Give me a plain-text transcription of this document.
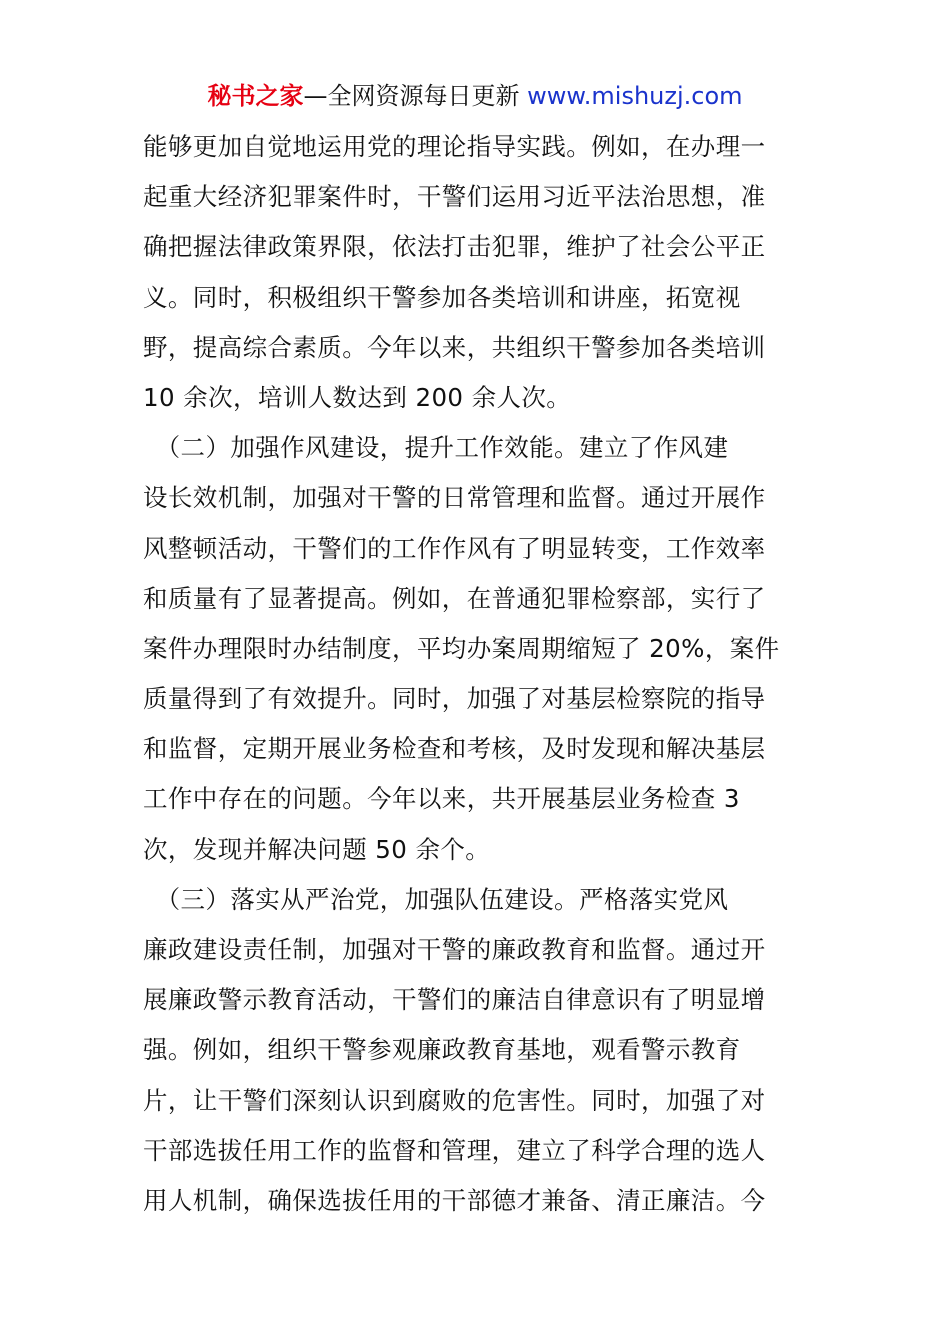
秘书之家—全网资源每日更新 www.mishuzj.com
能够更加自觉地运用党的理论指导实践。例如，在办理一
起重大经济犯罪案件时，干警们运用习近平法治思想，准
确把握法律政策界限，依法打击犯罪，维护了社会公平正
义。同时，积极组织干警参加各类培训和讲座，拓宽视
野，提高综合素质。今年以来，共组织干警参加各类培训
10 余次，培训人数达到 200 余人次。
　（二）加强作风建设，提升工作效能。建立了作风建
设长效机制，加强对干警的日常管理和监督。通过开展作
风整顿活动，干警们的工作作风有了明显转变，工作效率
和质量有了显著提高。例如，在普通犯罪检察部，实行了
案件办理限时办结制度，平均办案周期缩短了 20%，案件
质量得到了有效提升。同时，加强了对基层检察院的指导
和监督，定期开展业务检查和考核，及时发现和解决基层
工作中存在的问题。今年以来，共开展基层业务检查 3
次，发现并解决问题 50 余个。
　（三）落实从严治党，加强队伍建设。严格落实党风
廉政建设责任制，加强对干警的廉政教育和监督。通过开
展廉政警示教育活动，干警们的廉洁自律意识有了明显增
强。例如，组织干警参观廉政教育基地，观看警示教育
片，让干警们深刻认识到腐败的危害性。同时，加强了对
干部选拔任用工作的监督和管理，建立了科学合理的选人
用人机制，确保选拔任用的干部德才兼备、清正廉洁。今
